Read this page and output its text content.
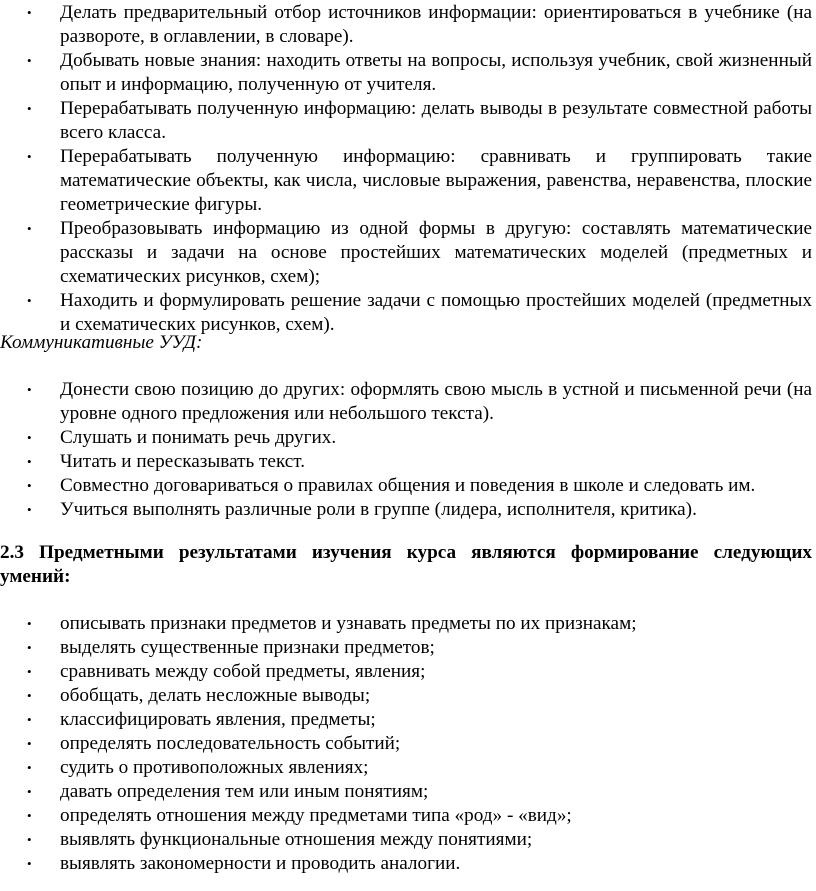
• Делать предварительный отбор источников информации: ориентироваться в учебнике (на развороте, в оглавлении, в словаре).
• Добывать новые знания: находить ответы на вопросы, используя учебник, свой жизненный опыт и информацию, полученную от учителя.
• Перерабатывать полученную информацию: делать выводы в результате совместной работы всего класса.
• Перерабатывать полученную информацию: сравнивать и группировать такие математические объекты, как числа, числовые выражения, равенства, неравенства, плоские геометрические фигуры.
• Преобразовывать информацию из одной формы в другую: составлять математические рассказы и задачи на основе простейших математических моделей (предметных и схематических рисунков, схем);
• Находить и формулировать решение задачи с помощью простейших моделей (предметных и схематических рисунков, схем).
Коммуникативные УУД:
• Донести свою позицию до других: оформлять свою мысль в устной и письменной речи (на уровне одного предложения или небольшого текста).
• Слушать и понимать речь других.
• Читать и пересказывать текст.
• Совместно договариваться о правилах общения и поведения в школе и следовать им.
• Учиться выполнять различные роли в группе (лидера, исполнителя, критика).
2.3 Предметными результатами изучения курса являются формирование следующих умений:
• описывать признаки предметов и узнавать предметы по их признакам;
• выделять существенные признаки предметов;
• сравнивать между собой предметы, явления;
• обобщать, делать несложные выводы;
• классифицировать явления, предметы;
• определять последовательность событий;
• судить о противоположных явлениях;
• давать определения тем или иным понятиям;
• определять отношения между предметами типа «род» - «вид»;
• выявлять функциональные отношения между понятиями;
• выявлять закономерности и проводить аналогии.
